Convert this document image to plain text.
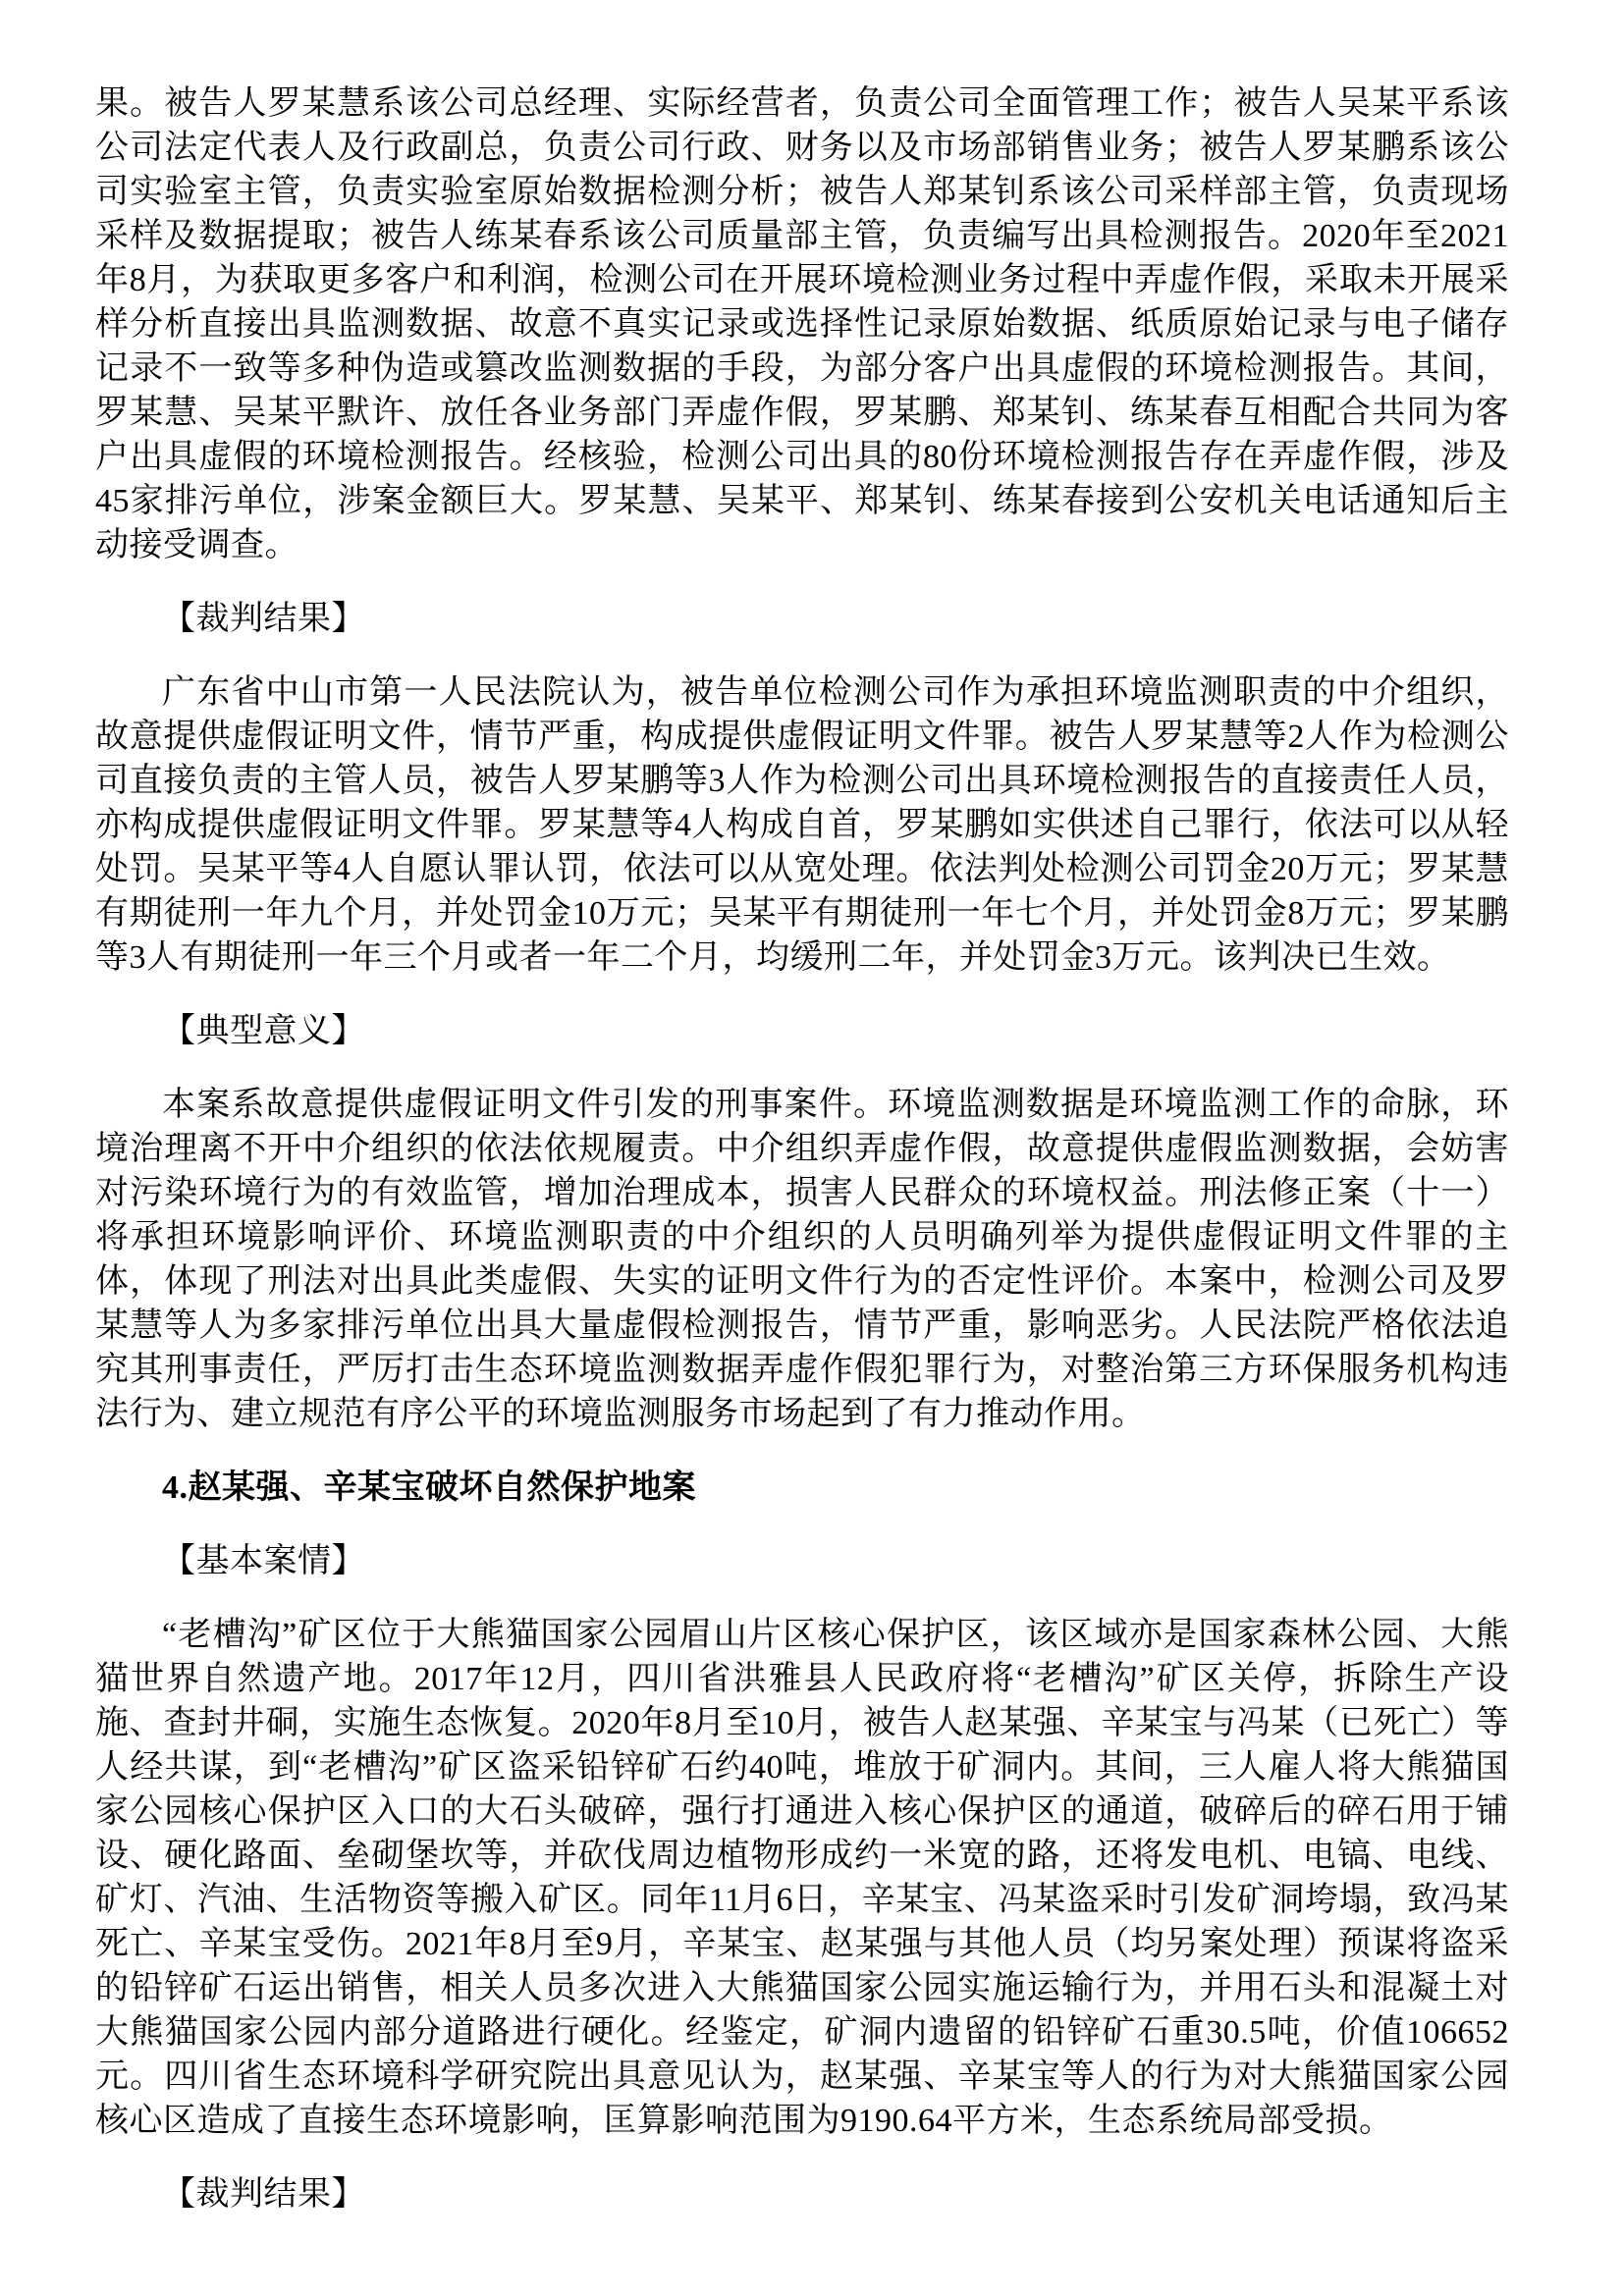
果。被告人罗某慧系该公司总经理、实际经营者，负责公司全面管理工作；被告人吴某平系该公司法定代表人及行政副总，负责公司行政、财务以及市场部销售业务；被告人罗某鹏系该公司实验室主管，负责实验室原始数据检测分析；被告人郑某钊系该公司采样部主管，负责现场采样及数据提取；被告人练某春系该公司质量部主管，负责编写出具检测报告。2020年至2021年8月，为获取更多客户和利润，检测公司在开展环境检测业务过程中弄虚作假，采取未开展采样分析直接出具监测数据、故意不真实记录或选择性记录原始数据、纸质原始记录与电子储存记录不一致等多种伪造或篡改监测数据的手段，为部分客户出具虚假的环境检测报告。其间，罗某慧、吴某平默许、放任各业务部门弄虚作假，罗某鹏、郑某钊、练某春互相配合共同为客户出具虚假的环境检测报告。经核验，检测公司出具的80份环境检测报告存在弄虚作假，涉及45家排污单位，涉案金额巨大。罗某慧、吴某平、郑某钊、练某春接到公安机关电话通知后主动接受调查。

【裁判结果】

广东省中山市第一人民法院认为，被告单位检测公司作为承担环境监测职责的中介组织，故意提供虚假证明文件，情节严重，构成提供虚假证明文件罪。被告人罗某慧等2人作为检测公司直接负责的主管人员，被告人罗某鹏等3人作为检测公司出具环境检测报告的直接责任人员，亦构成提供虚假证明文件罪。罗某慧等4人构成自首，罗某鹏如实供述自己罪行，依法可以从轻处罚。吴某平等4人自愿认罪认罚，依法可以从宽处理。依法判处检测公司罚金20万元；罗某慧有期徒刑一年九个月，并处罚金10万元；吴某平有期徒刑一年七个月，并处罚金8万元；罗某鹏等3人有期徒刑一年三个月或者一年二个月，均缓刑二年，并处罚金3万元。该判决已生效。

【典型意义】

本案系故意提供虚假证明文件引发的刑事案件。环境监测数据是环境监测工作的命脉，环境治理离不开中介组织的依法依规履责。中介组织弄虚作假，故意提供虚假监测数据，会妨害对污染环境行为的有效监管，增加治理成本，损害人民群众的环境权益。刑法修正案（十一）将承担环境影响评价、环境监测职责的中介组织的人员明确列举为提供虚假证明文件罪的主体，体现了刑法对出具此类虚假、失实的证明文件行为的否定性评价。本案中，检测公司及罗某慧等人为多家排污单位出具大量虚假检测报告，情节严重，影响恶劣。人民法院严格依法追究其刑事责任，严厉打击生态环境监测数据弄虚作假犯罪行为，对整治第三方环保服务机构违法行为、建立规范有序公平的环境监测服务市场起到了有力推动作用。

4.赵某强、辛某宝破坏自然保护地案

【基本案情】

“老槽沟”矿区位于大熊猫国家公园眉山片区核心保护区，该区域亦是国家森林公园、大熊猫世界自然遗产地。2017年12月，四川省洪雅县人民政府将“老槽沟”矿区关停，拆除生产设施、查封井硐，实施生态恢复。2020年8月至10月，被告人赵某强、辛某宝与冯某（已死亡）等人经共谋，到“老槽沟”矿区盗采铅锌矿石约40吨，堆放于矿洞内。其间，三人雇人将大熊猫国家公园核心保护区入口的大石头破碎，强行打通进入核心保护区的通道，破碎后的碎石用于铺设、硬化路面、垒砌堡坎等，并砍伐周边植物形成约一米宽的路，还将发电机、电镐、电线、矿灯、汽油、生活物资等搬入矿区。同年11月6日，辛某宝、冯某盗采时引发矿洞垮塌，致冯某死亡、辛某宝受伤。2021年8月至9月，辛某宝、赵某强与其他人员（均另案处理）预谋将盗采的铅锌矿石运出销售，相关人员多次进入大熊猫国家公园实施运输行为，并用石头和混凝土对大熊猫国家公园内部分道路进行硬化。经鉴定，矿洞内遗留的铅锌矿石重30.5吨，价值106652元。四川省生态环境科学研究院出具意见认为，赵某强、辛某宝等人的行为对大熊猫国家公园核心区造成了直接生态环境影响，匡算影响范围为9190.64平方米，生态系统局部受损。

【裁判结果】
